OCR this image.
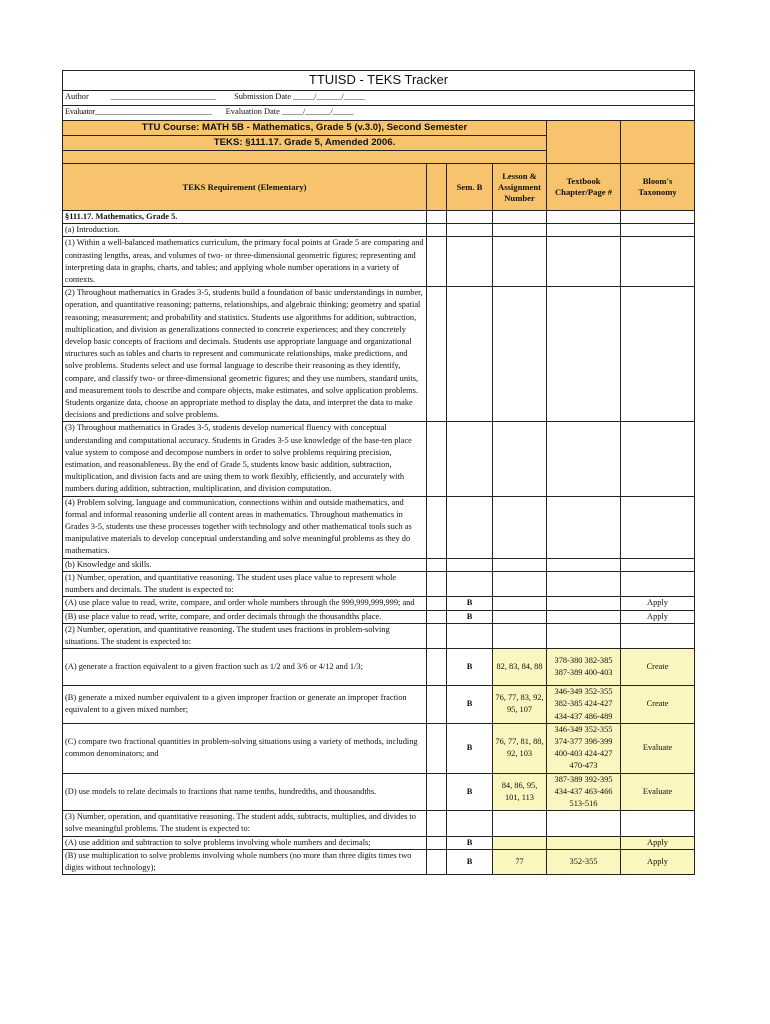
TTUISD - TEKS Tracker					
Author ___________________________ Submission Date _____/______/_____					
Evaluator______________________________ Evaluation Date _____/______/_____					
TTU Course: MATH 5B - Mathematics, Grade 5 (v.3.0), Second Semester					
TEKS: §111.17. Grade 5, Amended 2006.					

TEKS Requirement (Elementary)		Sem. B	Lesson & Assignment Number	Textbook Chapter/Page #	Bloom's Taxonomy
§111.17. Mathematics, Grade 5.					
(a) Introduction.					
(1) Within a well-balanced mathematics curriculum, the primary focal points at Grade 5 are comparing and contrasting lengths, areas, and volumes of two- or three-dimensional geometric figures; representing and interpreting data in graphs, charts, and tables; and applying whole number operations in a variety of contexts.					
(2) Throughout mathematics in Grades 3-5, students build a foundation of basic understandings in number, operation, and quantitative reasoning; patterns, relationships, and algebraic thinking; geometry and spatial reasoning; measurement; and probability and statistics. Students use algorithms for addition, subtraction, multiplication, and division as generalizations connected to concrete experiences; and they concretely develop basic concepts of fractions and decimals. Students use appropriate language and organizational structures such as tables and charts to represent and communicate relationships, make predictions, and solve problems. Students select and use formal language to describe their reasoning as they identify, compare, and classify two- or three-dimensional geometric figures; and they use numbers, standard units, and measurement tools to describe and compare objects, make estimates, and solve application problems. Students organize data, choose an appropriate method to display the data, and interpret the data to make decisions and predictions and solve problems.					
(3) Throughout mathematics in Grades 3-5, students develop numerical fluency with conceptual understanding and computational accuracy. Students in Grades 3-5 use knowledge of the base-ten place value system to compose and decompose numbers in order to solve problems requiring precision, estimation, and reasonableness. By the end of Grade 5, students know basic addition, subtraction, multiplication, and division facts and are using them to work flexibly, efficiently, and accurately with numbers during addition, subtraction, multiplication, and division computation.					
(4) Problem solving, language and communication, connections within and outside mathematics, and formal and informal reasoning underlie all content areas in mathematics. Throughout mathematics in Grades 3-5, students use these processes together with technology and other mathematical tools such as manipulative materials to develop conceptual understanding and solve meaningful problems as they do mathematics.					
(b) Knowledge and skills.					
(1) Number, operation, and quantitative reasoning. The student uses place value to represent whole numbers and decimals. The student is expected to:					
(A) use place value to read, write, compare, and order whole numbers through the 999,999,999,999; and		B			Apply
(B) use place value to read, write, compare, and order decimals through the thousandths place.		B			Apply
(2) Number, operation, and quantitative reasoning. The student uses fractions in problem-solving situations. The student is expected to:					
(A) generate a fraction equivalent to a given fraction such as 1/2 and 3/6 or 4/12 and 1/3;		B	82, 83, 84, 88	378-380 382-385 387-389 400-403	Create
(B) generate a mixed number equivalent to a given improper fraction or generate an improper fraction equivalent to a given mixed number;		B	76, 77, 83, 92, 95, 107	346-349 352-355 382-385 424-427 434-437 486-489	Create
(C) compare two fractional quantities in problem-solving situations using a variety of methods, including common denominators; and		B	76, 77, 81, 88, 92, 103	346-349 352-355 374-377 398-399 400-403 424-427 470-473	Evaluate
(D) use models to relate decimals to fractions that name tenths, hundredths, and thousandths.		B	84, 86, 95, 101, 113	387-389 392-395 434-437 463-466 513-516	Evaluate
(3) Number, operation, and quantitative reasoning. The student adds, subtracts, multiplies, and divides to solve meaningful problems. The student is expected to:					
(A) use addition and subtraction to solve problems involving whole numbers and decimals;		B			Apply
(B) use multiplication to solve problems involving whole numbers (no more than three digits times two digits without technology);		B	77	352-355	Apply
